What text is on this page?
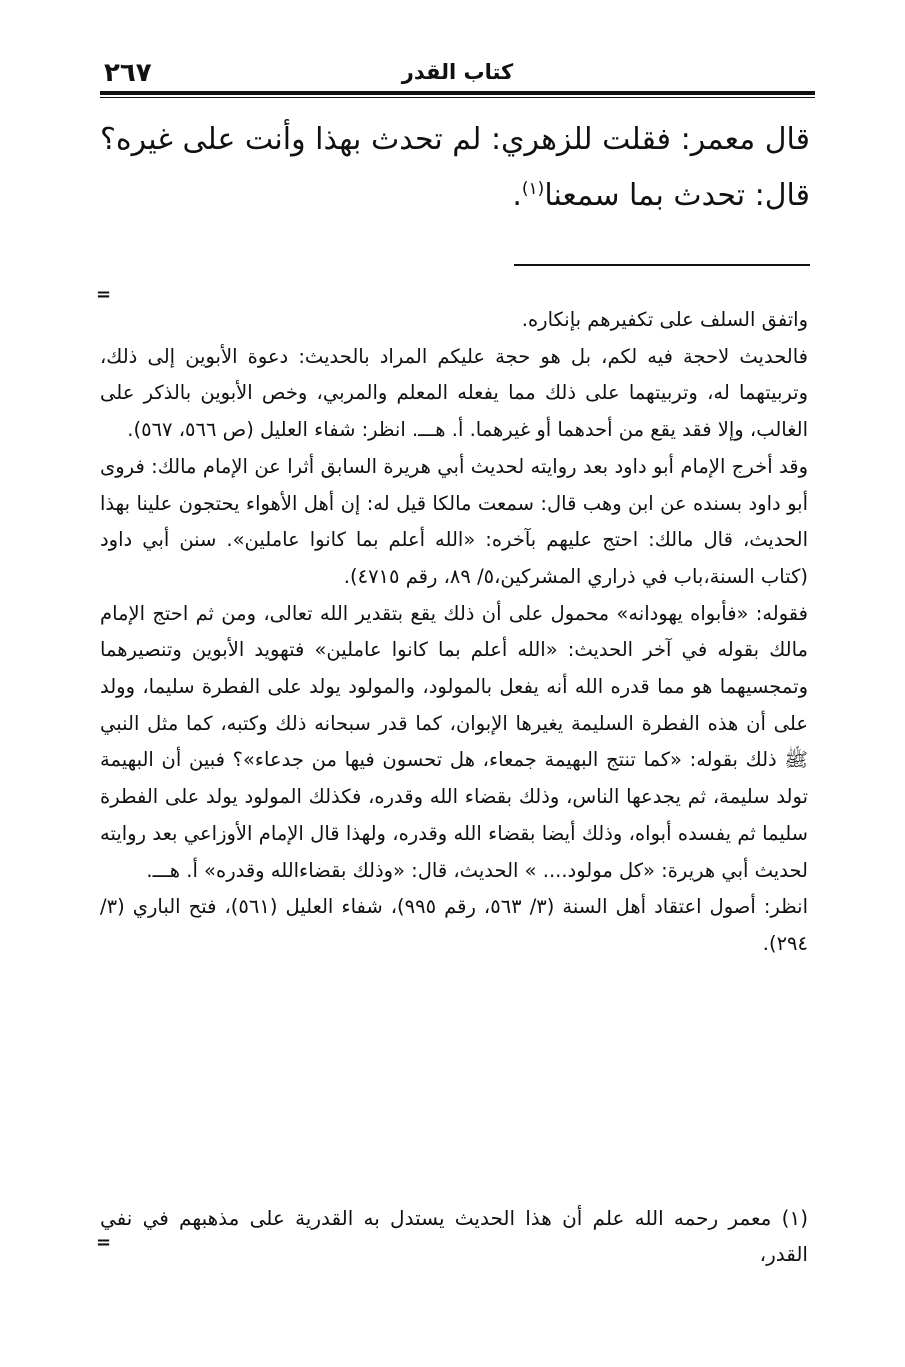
٢٦٧	كتاب القدر
قال معمر: فقلت للزهري: لم تحدث بهذا وأنت على غيره؟ قال: تحدث بما سمعنا$^{(١)}$.
=

واتفق السلف على تكفيرهم بإنكاره.

فالحديث لاحجة فيه لكم، بل هو حجة عليكم المراد بالحديث: دعوة الأبوين إلى ذلك، وتربيتهما له، وتربيتهما على ذلك مما يفعله المعلم والمربي، وخص الأبوين بالذكر على الغالب، وإلا فقد يقع من أحدهما أو غيرهما. أ. هـــ. انظر: شفاء العليل (ص ٥٦٦، ٥٦٧).

وقد أخرج الإمام أبو داود بعد روايته لحديث أبي هريرة السابق أثرا عن الإمام مالك: فروى أبو داود بسنده عن ابن وهب قال: سمعت مالكا قيل له: إن أهل الأهواء يحتجون علينا بهذا الحديث، قال مالك: احتج عليهم بآخره: «الله أعلم بما كانوا عاملين». سنن أبي داود (كتاب السنة،باب في ذراري المشركين،٥/ ٨٩، رقم ٤٧١٥).

فقوله: «فأبواه يهودانه» محمول على أن ذلك يقع بتقدير الله تعالى، ومن ثم احتج الإمام مالك بقوله في آخر الحديث: «الله أعلم بما كانوا عاملين» فتهويد الأبوين وتنصيرهما وتمجسيهما هو مما قدره الله أنه يفعل بالمولود، والمولود يولد على الفطرة سليما، وولد على أن هذه الفطرة السليمة يغيرها الإبوان، كما قدر سبحانه ذلك وكتبه، كما مثل النبي ﷺ ذلك بقوله: «كما تنتج البهيمة جمعاء، هل تحسون فيها من جدعاء»؟ فبين أن البهيمة تولد سليمة، ثم يجدعها الناس، وذلك بقضاء الله وقدره، فكذلك المولود يولد على الفطرة سليما ثم يفسده أبواه، وذلك أيضا بقضاء الله وقدره، ولهذا قال الإمام الأوزاعي بعد روايته لحديث أبي هريرة: «كل مولود.... » الحديث، قال: «وذلك بقضاءالله وقدره» أ. هـــ.

انظر: أصول اعتقاد أهل السنة (٣/ ٥٦٣، رقم ٩٩٥)، شفاء العليل (٥٦١)، فتح الباري (٣/ ٢٩٤).

(١) معمر رحمه الله علم أن هذا الحديث يستدل به القدرية على مذهبهم في نفي القدر،
=
